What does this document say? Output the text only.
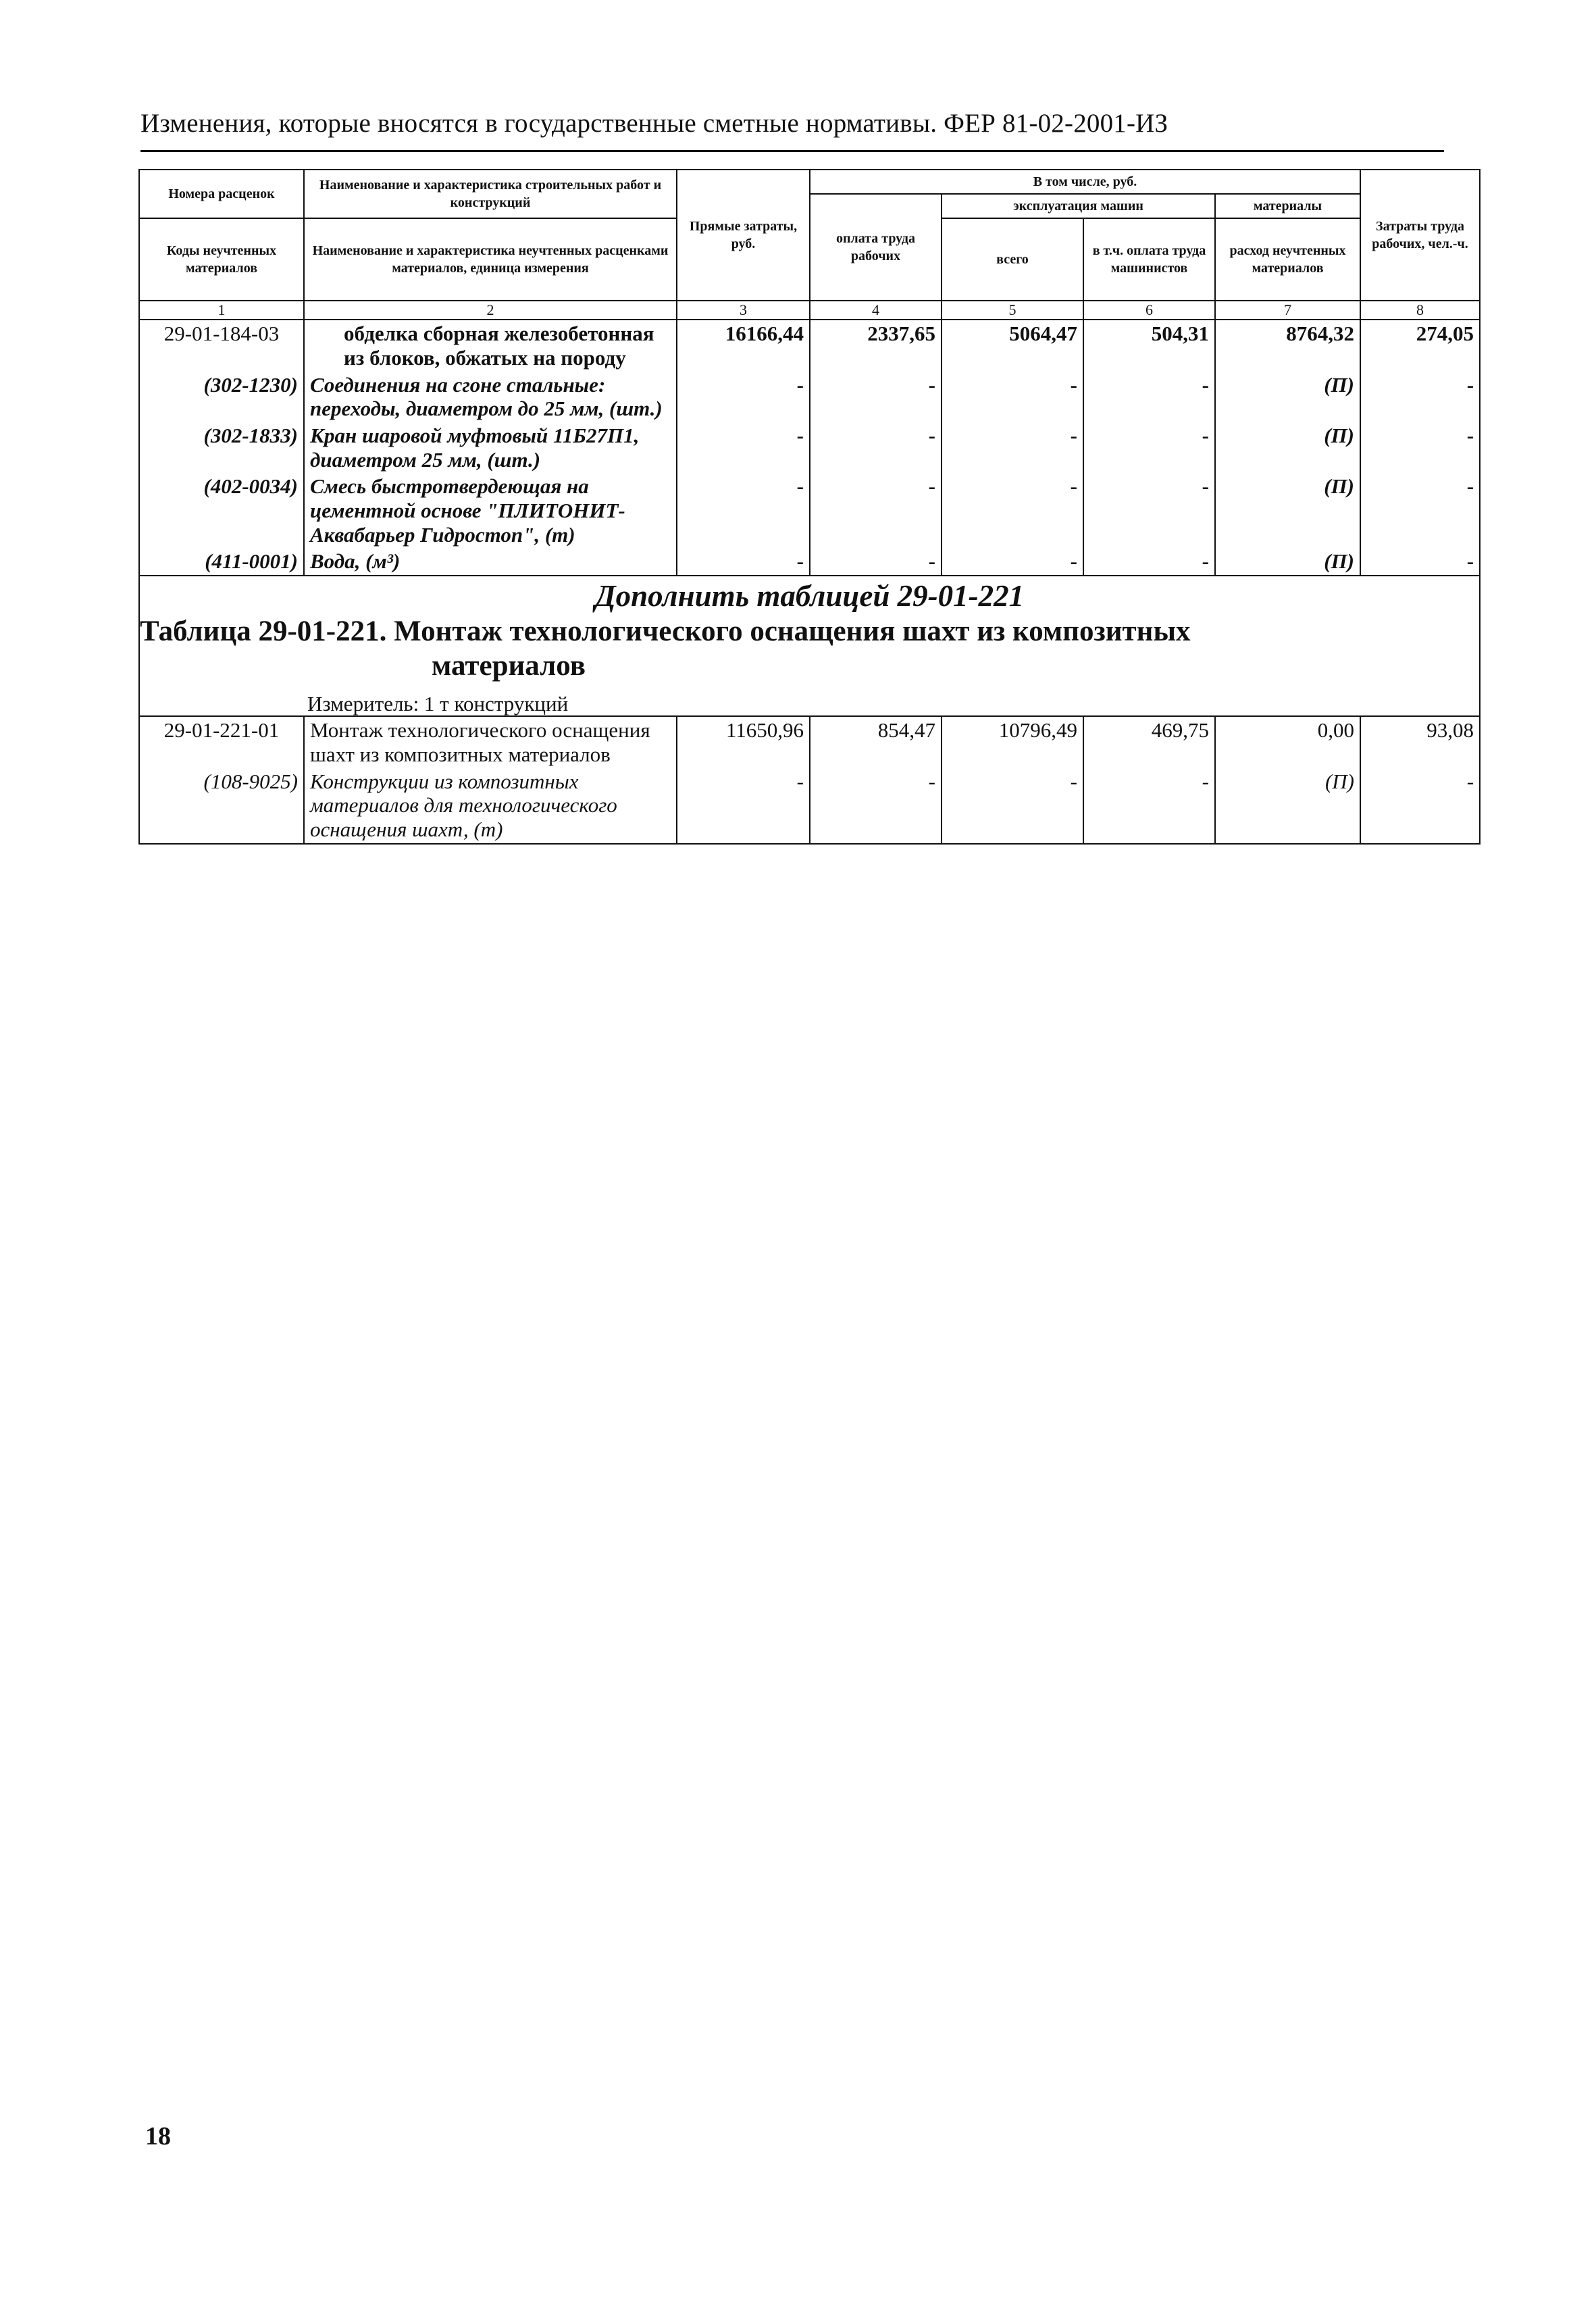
Изменения, которые вносятся в государственные сметные нормативы. ФЕР 81-02-2001-ИЗ
Номера расценок	Наименование и характеристика строительных работ и конструкций	Прямые затраты, руб.	В том числе, руб.				Затраты труда рабочих, чел.-ч.
			оплата труда рабочих	эксплуатация машин		материалы	
Коды неучтенных материалов	Наименование и характеристика неучтенных расценками материалов, единица измерения			всего	в т.ч. оплата труда машинистов	расход неучтенных материалов	

1	2	3	4	5	6	7	8
29-01-184-03	обделка сборная железобетонная из блоков, обжатых на породу	16166,44	2337,65	5064,47	504,31	8764,32	274,05
(302-1230)	Соединения на сгоне стальные: переходы, диаметром до 25 мм, (шт.)	-	-	-	-	(П)	-
(302-1833)	Кран шаровой муфтовый 11Б27П1, диаметром 25 мм, (шт.)	-	-	-	-	(П)	-
(402-0034)	Смесь быстротвердеющая на цементной основе "ПЛИТОНИТ-Аквабарьер Гидростоп", (т)	-	-	-	-	(П)	-
(411-0001)	Вода, (м³)	-	-	-	-	(П)	-

Дополнить таблицей 29-01-221
Таблица 29-01-221. Монтаж технологического оснащения шахт из композитных
материалов
Измеритель: 1 т конструкций							

29-01-221-01	Монтаж технологического оснащения шахт из композитных материалов	11650,96	854,47	10796,49	469,75	0,00	93,08
(108-9025)	Конструкции из композитных материалов для технологического оснащения шахт, (т)	-	-	-	-	(П)	-
18
